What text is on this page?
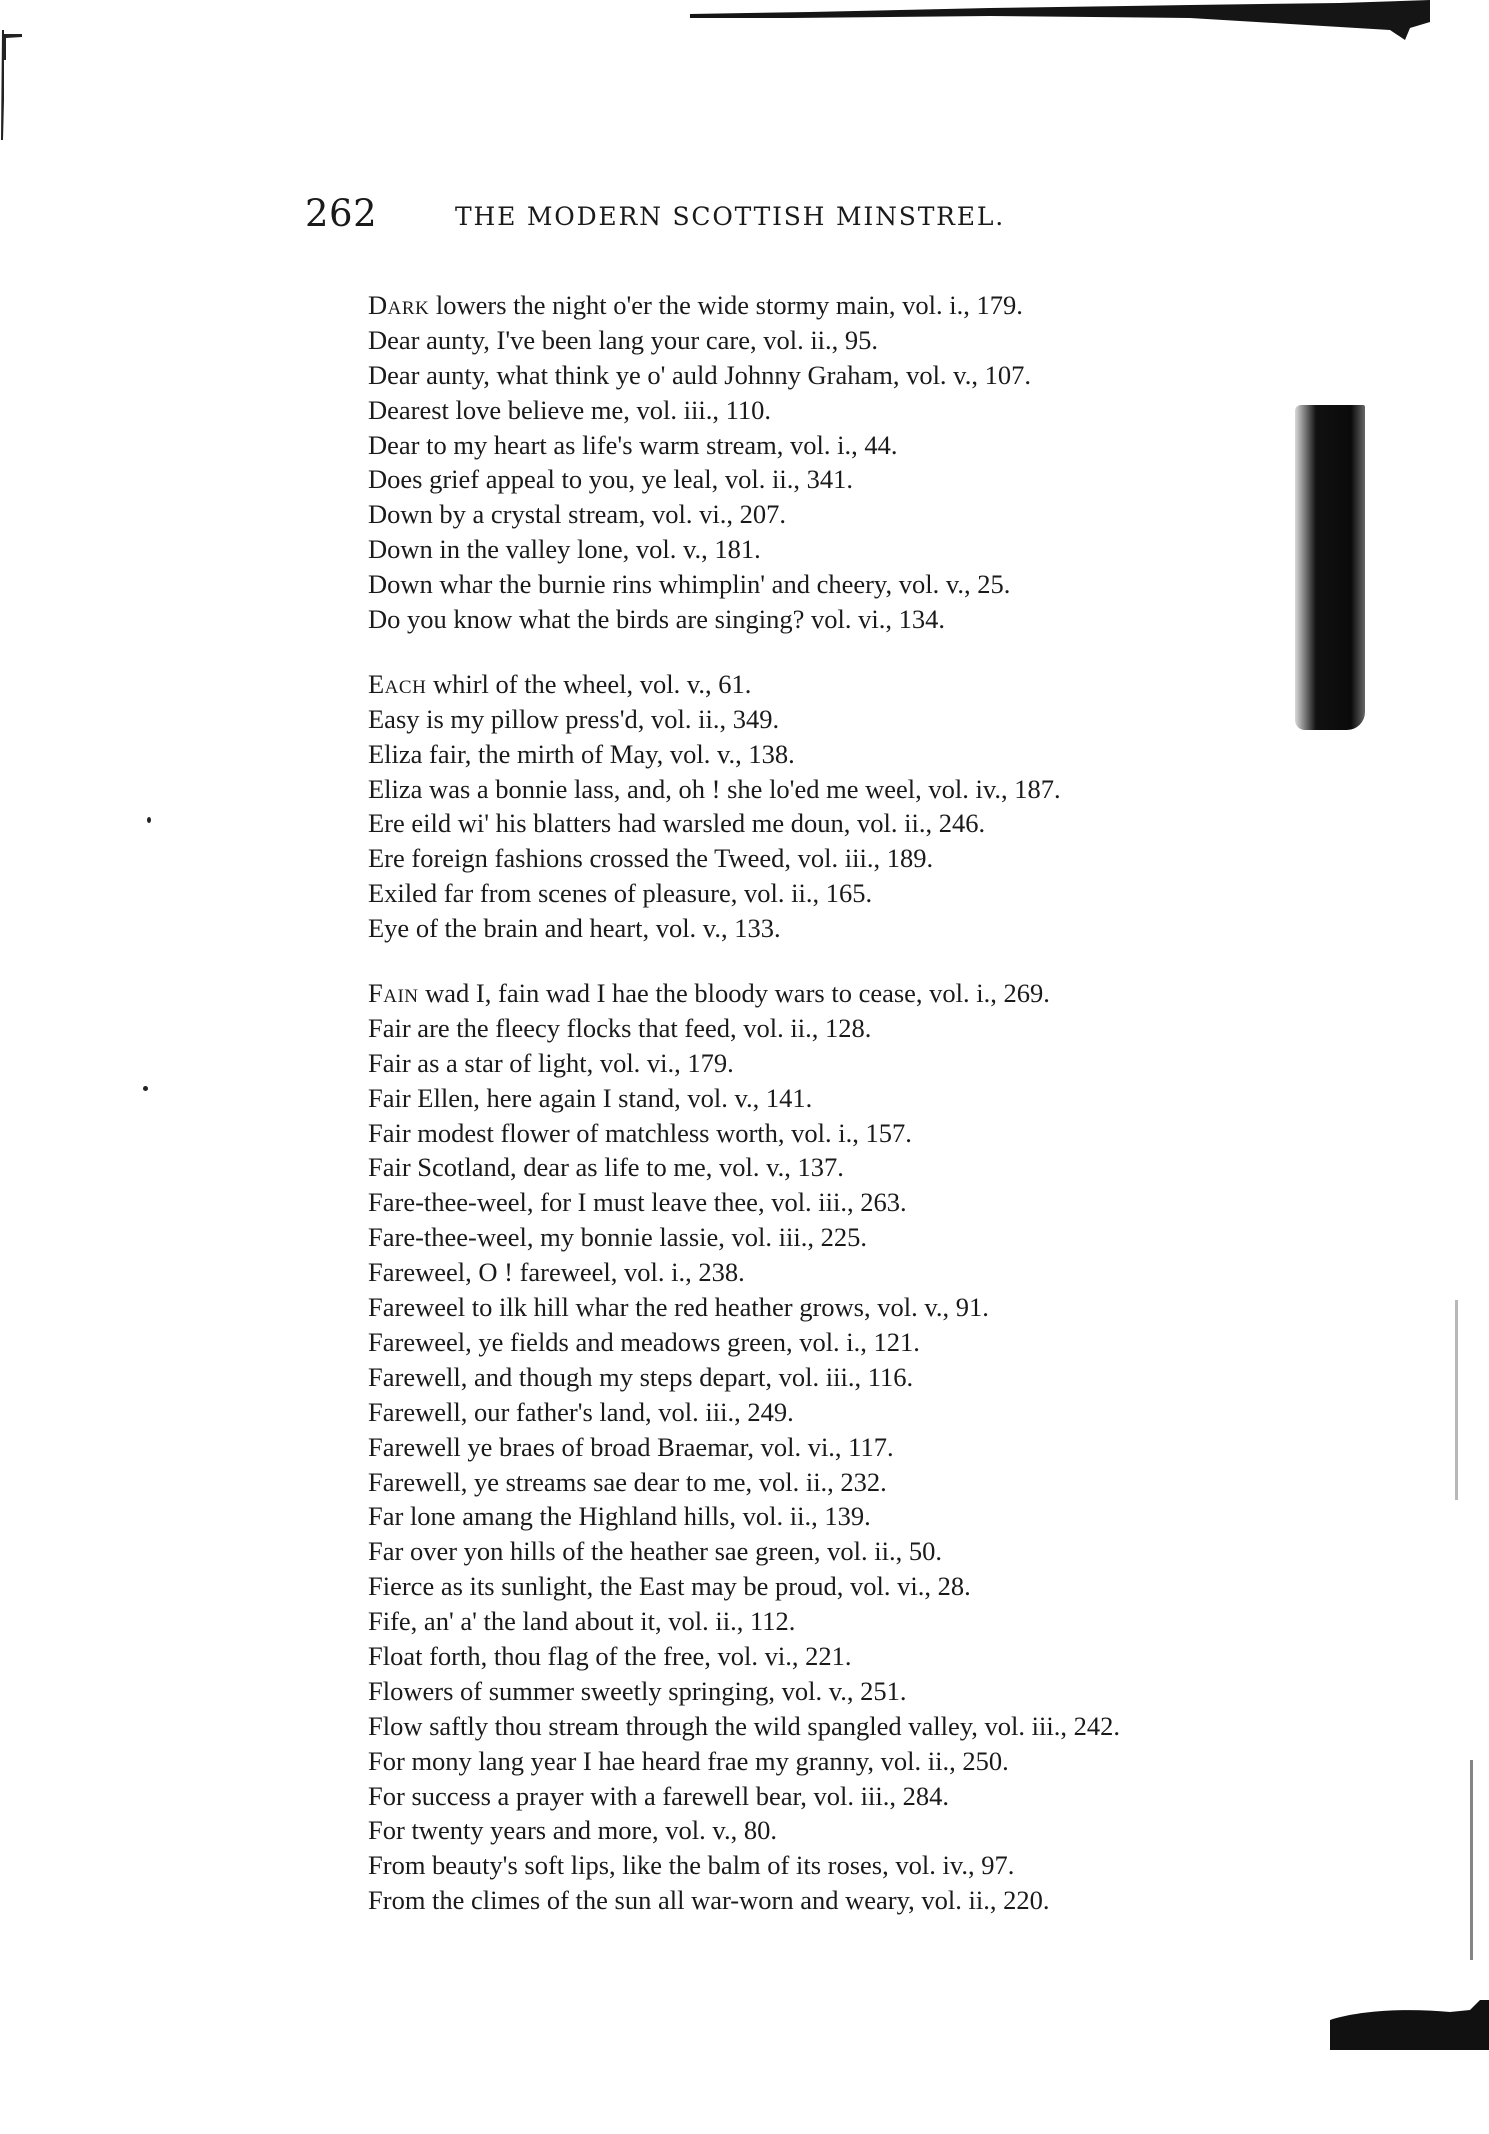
262	THE MODERN SCOTTISH MINSTREL.
Dark lowers the night o'er the wide stormy main, vol. i., 179.
Dear aunty, I've been lang your care, vol. ii., 95.
Dear aunty, what think ye o' auld Johnny Graham, vol. v., 107.
Dearest love believe me, vol. iii., 110.
Dear to my heart as life's warm stream, vol. i., 44.
Does grief appeal to you, ye leal, vol. ii., 341.
Down by a crystal stream, vol. vi., 207.
Down in the valley lone, vol. v., 181.
Down whar the burnie rins whimplin' and cheery, vol. v., 25.
Do you know what the birds are singing? vol. vi., 134.
Each whirl of the wheel, vol. v., 61.
Easy is my pillow press'd, vol. ii., 349.
Eliza fair, the mirth of May, vol. v., 138.
Eliza was a bonnie lass, and, oh ! she lo'ed me weel, vol. iv., 187.
Ere eild wi' his blatters had warsled me doun, vol. ii., 246.
Ere foreign fashions crossed the Tweed, vol. iii., 189.
Exiled far from scenes of pleasure, vol. ii., 165.
Eye of the brain and heart, vol. v., 133.
Fain wad I, fain wad I hae the bloody wars to cease, vol. i., 269.
Fair are the fleecy flocks that feed, vol. ii., 128.
Fair as a star of light, vol. vi., 179.
Fair Ellen, here again I stand, vol. v., 141.
Fair modest flower of matchless worth, vol. i., 157.
Fair Scotland, dear as life to me, vol. v., 137.
Fare-thee-weel, for I must leave thee, vol. iii., 263.
Fare-thee-weel, my bonnie lassie, vol. iii., 225.
Fareweel, O ! fareweel, vol. i., 238.
Fareweel to ilk hill whar the red heather grows, vol. v., 91.
Fareweel, ye fields and meadows green, vol. i., 121.
Farewell, and though my steps depart, vol. iii., 116.
Farewell, our father's land, vol. iii., 249.
Farewell ye braes of broad Braemar, vol. vi., 117.
Farewell, ye streams sae dear to me, vol. ii., 232.
Far lone amang the Highland hills, vol. ii., 139.
Far over yon hills of the heather sae green, vol. ii., 50.
Fierce as its sunlight, the East may be proud, vol. vi., 28.
Fife, an' a' the land about it, vol. ii., 112.
Float forth, thou flag of the free, vol. vi., 221.
Flowers of summer sweetly springing, vol. v., 251.
Flow saftly thou stream through the wild spangled valley, vol. iii., 242.
For mony lang year I hae heard frae my granny, vol. ii., 250.
For success a prayer with a farewell bear, vol. iii., 284.
For twenty years and more, vol. v., 80.
From beauty's soft lips, like the balm of its roses, vol. iv., 97.
From the climes of the sun all war-worn and weary, vol. ii., 220.
